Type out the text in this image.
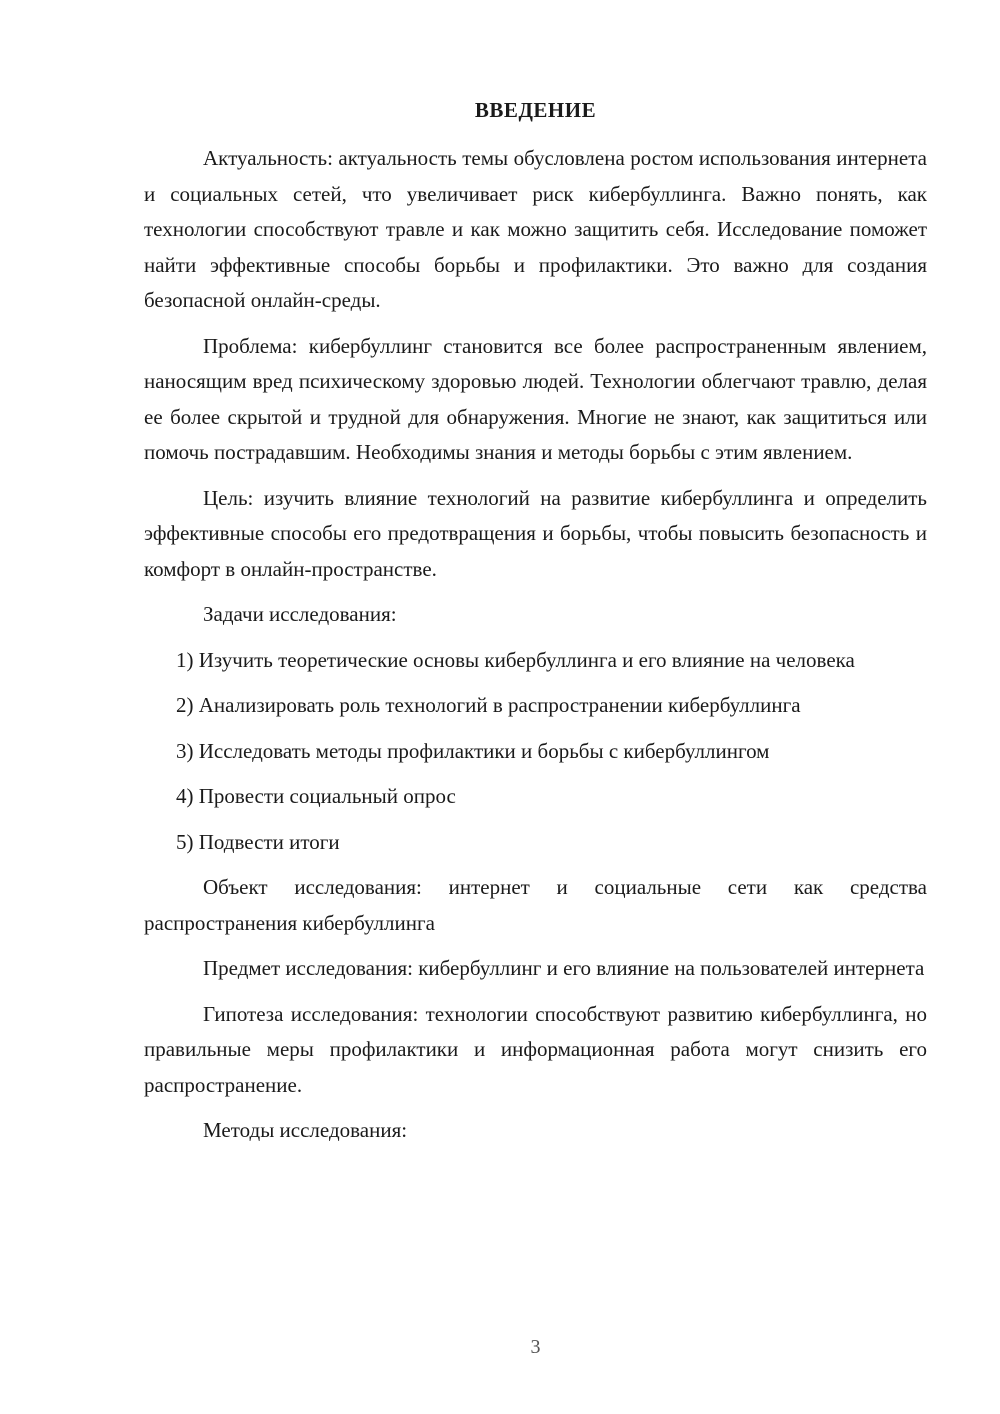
ВВЕДЕНИЕ

Актуальность: актуальность темы обусловлена ростом использования интернета и социальных сетей, что увеличивает риск кибербуллинга. Важно понять, как технологии способствуют травле и как можно защитить себя. Исследование поможет найти эффективные способы борьбы и профилактики. Это важно для создания безопасной онлайн-среды.

Проблема: кибербуллинг становится все более распространенным явлением, наносящим вред психическому здоровью людей. Технологии облегчают травлю, делая ее более скрытой и трудной для обнаружения. Многие не знают, как защититься или помочь пострадавшим. Необходимы знания и методы борьбы с этим явлением.

Цель: изучить влияние технологий на развитие кибербуллинга и определить эффективные способы его предотвращения и борьбы, чтобы повысить безопасность и комфорт в онлайн-пространстве.

Задачи исследования:

1) Изучить теоретические основы кибербуллинга и его влияние на человека

2) Анализировать роль технологий в распространении кибербуллинга

3) Исследовать методы профилактики и борьбы с кибербуллингом

4) Провести социальный опрос

5) Подвести итоги

Объект исследования: интернет и социальные сети как средства распространения кибербуллинга

Предмет исследования: кибербуллинг и его влияние на пользователей интернета

Гипотеза исследования: технологии способствуют развитию кибербуллинга, но правильные меры профилактики и информационная работа могут снизить его распространение.

Методы исследования:

3
